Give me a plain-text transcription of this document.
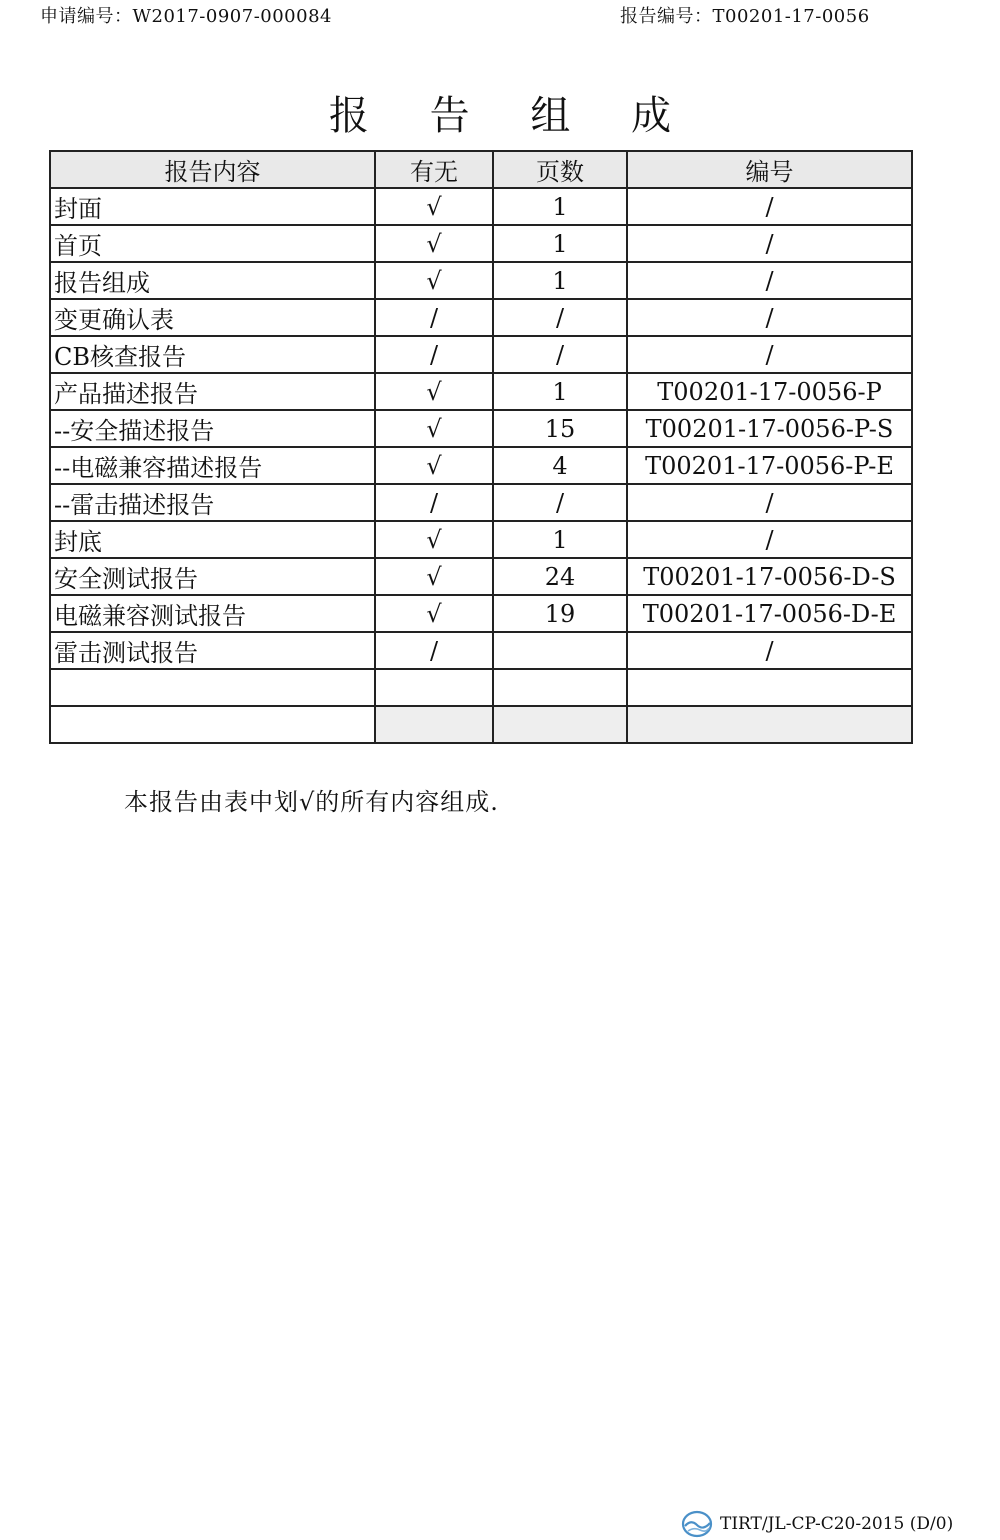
申请编号：W2017-0907-000084	报告编号：T00201-17-0056
报 告 组 成
报告内容	有无	页数	编号
封面	√	1	/
首页	√	1	/
报告组成	√	1	/
变更确认表	/	/	/
CB核查报告	/	/	/
产品描述报告	√	1	T00201-17-0056-P
--安全描述报告	√	15	T00201-17-0056-P-S
--电磁兼容描述报告	√	4	T00201-17-0056-P-E
--雷击描述报告	/	/	/
封底	√	1	/
安全测试报告	√	24	T00201-17-0056-D-S
电磁兼容测试报告	√	19	T00201-17-0056-D-E
雷击测试报告	/		/

本报告由表中划√的所有内容组成.
TIRT/JL-CP-C20-2015 (D/0)
